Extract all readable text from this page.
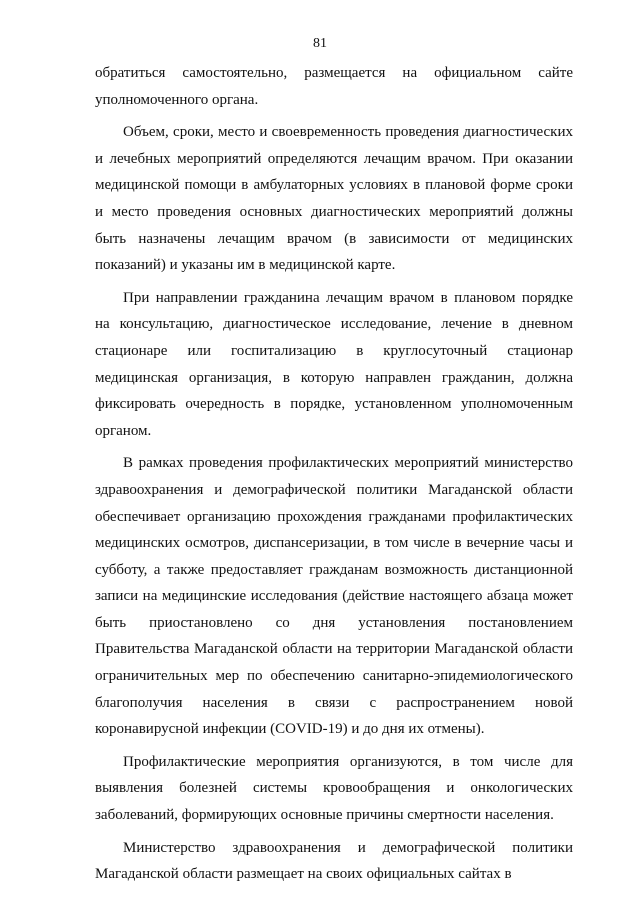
81

обратиться самостоятельно, размещается на официальном сайте уполномоченного органа.

Объем, сроки, место и своевременность проведения диагностических и лечебных мероприятий определяются лечащим врачом. При оказании медицинской помощи в амбулаторных условиях в плановой форме сроки и место проведения основных диагностических мероприятий должны быть назначены лечащим врачом (в зависимости от медицинских показаний) и указаны им в медицинской карте.

При направлении гражданина лечащим врачом в плановом порядке на консультацию, диагностическое исследование, лечение в дневном стационаре или госпитализацию в круглосуточный стационар медицинская организация, в которую направлен гражданин, должна фиксировать очередность в порядке, установленном уполномоченным органом.

В рамках проведения профилактических мероприятий министерство здравоохранения и демографической политики Магаданской области обеспечивает организацию прохождения гражданами профилактических медицинских осмотров, диспансеризации, в том числе в вечерние часы и субботу, а также предоставляет гражданам возможность дистанционной записи на медицинские исследования (действие настоящего абзаца может быть приостановлено со дня установления постановлением Правительства Магаданской области на территории Магаданской области ограничительных мер по обеспечению санитарно-эпидемиологического благополучия населения в связи с распространением новой коронавирусной инфекции (COVID-19) и до дня их отмены).

Профилактические мероприятия организуются, в том числе для выявления болезней системы кровообращения и онкологических заболеваний, формирующих основные причины смертности населения.

Министерство здравоохранения и демографической политики Магаданской области размещает на своих официальных сайтах в
